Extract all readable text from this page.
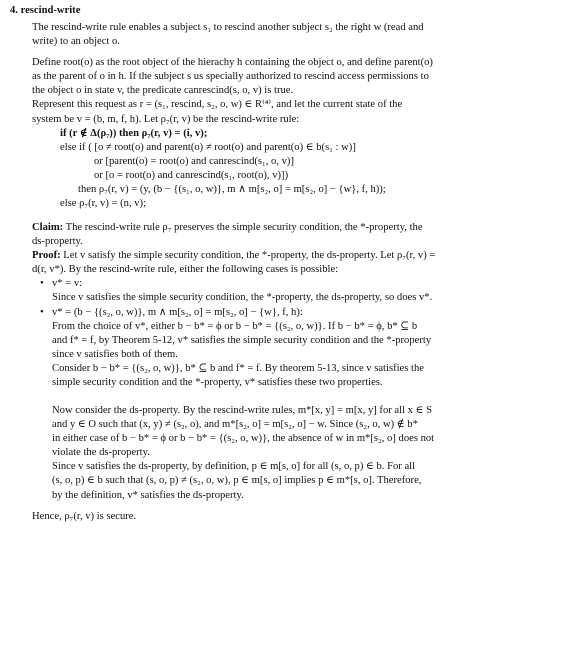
4. rescind-write
The rescind-write rule enables a subject s₁ to rescind another subject s₂ the right w (read and
write) to an object o.
Define root(o) as the root object of the hierachy h containing the object o, and define parent(o)
as the parent of o in h. If the subject s us specially authorized to rescind access permissions to
the object o in state v, the predicate canrescind(s, o, v) is true.
Represent this request as r = (s₁, rescind, s₂, o, w) ∈ R⁽⁴⁾, and let the current state of the
system be v = (b, m, f, h). Let ρ₇(r, v) be the rescind-write rule:
if (r ∉ Δ(ρ₇)) then ρ₇(r, v) = (i, v);
else if ( [o ≠ root(o) and parent(o) ≠ root(o) and parent(o) ∈ b(s₁ : w)]
or [parent(o) = root(o) and canrescind(s₁, o, v)]
or [o = root(o) and canrescind(s₁, root(o), v)])
then ρ₇(r, v) = (y, (b − {(s₁, o, w)}, m ∧ m[s₂, o] = m[s₂, o] − {w}, f, h));
else ρ₇(r, v) = (n, v);
Claim: The rescind-write rule ρ₇ preserves the simple security condition, the *-property, the
ds-property.
Proof: Let v satisfy the simple security condition, the *-property, the ds-property. Let ρ₇(r, v) =
d(r, v*). By the rescind-write rule, either the following cases is possible:
•
v* = v:
Since v satisfies the simple security condition, the *-property, the ds-property, so does v*.
•
v* = (b − {(s₂, o, w)}, m ∧ m[s₂, o] = m[s₂, o] − {w}, f, h):
From the choice of v*, either b − b* = ϕ or b − b* = {(s₂, o, w)}. If b − b* = ϕ, b* ⊆ b
and f* = f, by Theorem 5-12, v* satisfies the simple security condition and the *-property
since v satisfies both of them.
Consider b − b* = {(s₂, o, w)}, b* ⊆ b and f* = f. By theorem 5-13, since v satisfies the
simple security condition and the *-property, v* satisfies these two properties.
Now consider the ds-property. By the rescind-write rules, m*[x, y] = m[x, y] for all x ∈ S
and y ∈ O such that (x, y) ≠ (s₂, o), and m*[s₂, o] = m[s₂, o] − w. Since (s₂, o, w) ∉ b*
in either case of b − b* = ϕ or b − b* = {(s₂, o, w)}, the absence of w in m*[s₂, o] does not
violate the ds-property.
Since v satisfies the ds-property, by definition, p ∈ m[s, o] for all (s, o, p) ∈ b. For all
(s, o, p) ∈ b such that (s, o, p) ≠ (s₂, o, w), p ∈ m[s, o] implies p ∈ m*[s, o]. Therefore,
by the definition, v* satisfies the ds-property.
Hence, ρ₇(r, v) is secure.
